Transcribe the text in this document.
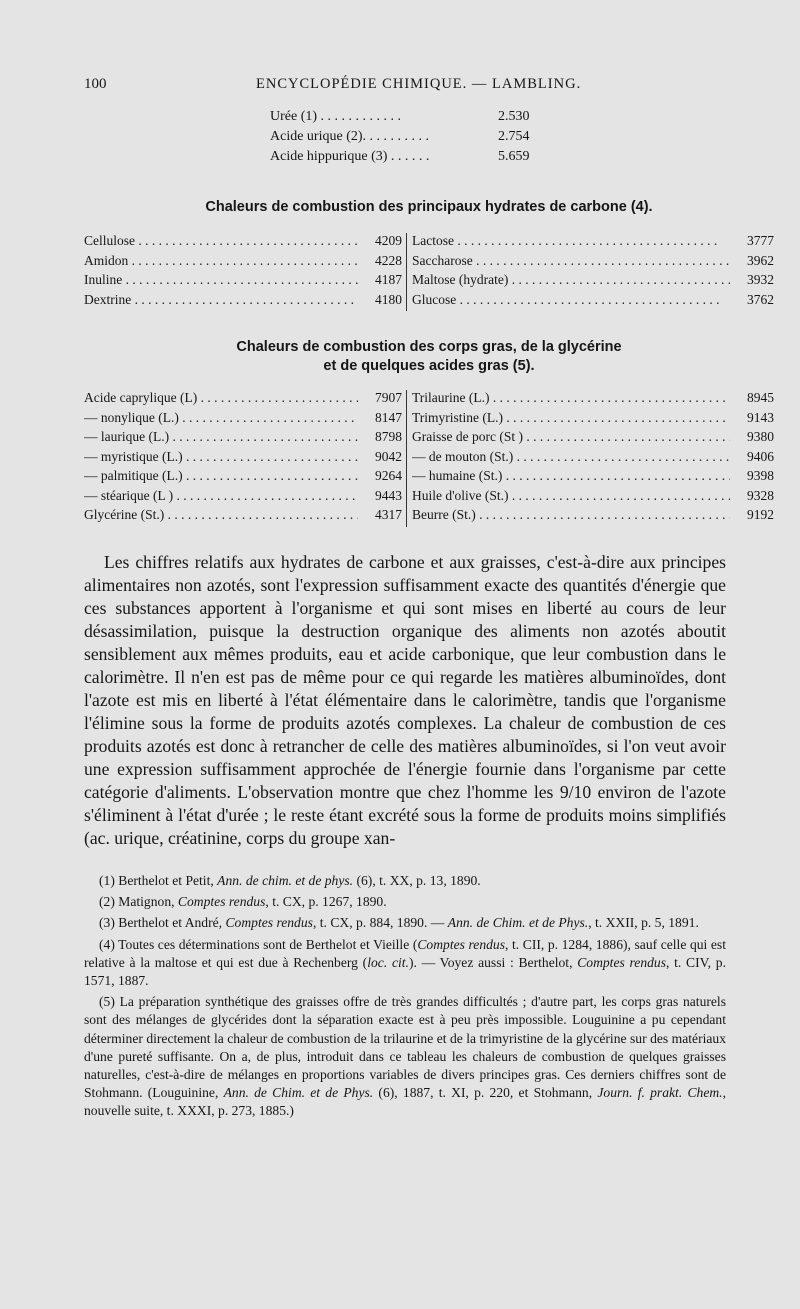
100	ENCYCLOPÉDIE CHIMIQUE. — LAMBLING.
Urée (1) . . . . . . . . . . . .	2.530
Acide urique (2). . . . . . . . . .	2.754
Acide hippurique (3) . . . . . .	5.659
Chaleurs de combustion des principaux hydrates de carbone (4).
Cellulose . . .	4209
Amidon . . .	4228
Inuline . . .	4187
Dextrine . . .	4180
Lactose . . .	3777
Saccharose . . .	3962
Maltose (hydrate) . . .	3932
Glucose . . .	3762
Chaleurs de combustion des corps gras, de la glycérine
et de quelques acides gras (5).
Acide caprylique (L) . . .	7907
— nonylique (L.) . . .	8147
— laurique (L.) . . .	8798
— myristique (L.) . . .	9042
— palmitique (L.) . . .	9264
— stéarique (L ) . . .	9443
Glycérine (St.) . . .	4317
Trilaurine (L.) . . .	8945
Trimyristine (L.) . . .	9143
Graisse de porc (St ) . . .	9380
— de mouton (St.) . . .	9406
— humaine (St.) . . .	9398
Huile d'olive (St.) . . .	9328
Beurre (St.) . . .	9192

Les chiffres relatifs aux hydrates de carbone et aux graisses, c'est-à-dire aux principes alimentaires non azotés, sont l'expression suffisamment exacte des quantités d'énergie que ces substances apportent à l'organisme et qui sont mises en liberté au cours de leur désassimilation, puisque la destruction organique des aliments non azotés aboutit sensiblement aux mêmes produits, eau et acide carbonique, que leur combustion dans le calorimètre. Il n'en est pas de même pour ce qui regarde les matières albuminoïdes, dont l'azote est mis en liberté à l'état élémentaire dans le calorimètre, tandis que l'organisme l'élimine sous la forme de produits azotés complexes. La chaleur de combustion de ces produits azotés est donc à retrancher de celle des matières albuminoïdes, si l'on veut avoir une expression suffisamment approchée de l'énergie fournie dans l'organisme par cette catégorie d'aliments. L'observation montre que chez l'homme les 9/10 environ de l'azote s'éliminent à l'état d'urée ; le reste étant excrété sous la forme de produits moins simplifiés (ac. urique, créatinine, corps du groupe xan-

(1) Berthelot et Petit, Ann. de chim. et de phys. (6), t. XX, p. 13, 1890.

(2) Matignon, Comptes rendus, t. CX, p. 1267, 1890.

(3) Berthelot et André, Comptes rendus, t. CX, p. 884, 1890. — Ann. de Chim. et de Phys., t. XXII, p. 5, 1891.

(4) Toutes ces déterminations sont de Berthelot et Vieille (Comptes rendus, t. CII, p. 1284, 1886), sauf celle qui est relative à la maltose et qui est due à Rechenberg (loc. cit.). — Voyez aussi : Berthelot, Comptes rendus, t. CIV, p. 1571, 1887.

(5) La préparation synthétique des graisses offre de très grandes difficultés ; d'autre part, les corps gras naturels sont des mélanges de glycérides dont la séparation exacte est à peu près impossible. Louguinine a pu cependant déterminer directement la chaleur de combustion de la trilaurine et de la trimyristine de la glycérine sur des matériaux d'une pureté suffisante. On a, de plus, introduit dans ce tableau les chaleurs de combustion de quelques graisses naturelles, c'est-à-dire de mélanges en proportions variables de divers principes gras. Ces derniers chiffres sont de Stohmann. (Louguinine, Ann. de Chim. et de Phys. (6), 1887, t. XI, p. 220, et Stohmann, Journ. f. prakt. Chem., nouvelle suite, t. XXXI, p. 273, 1885.)
